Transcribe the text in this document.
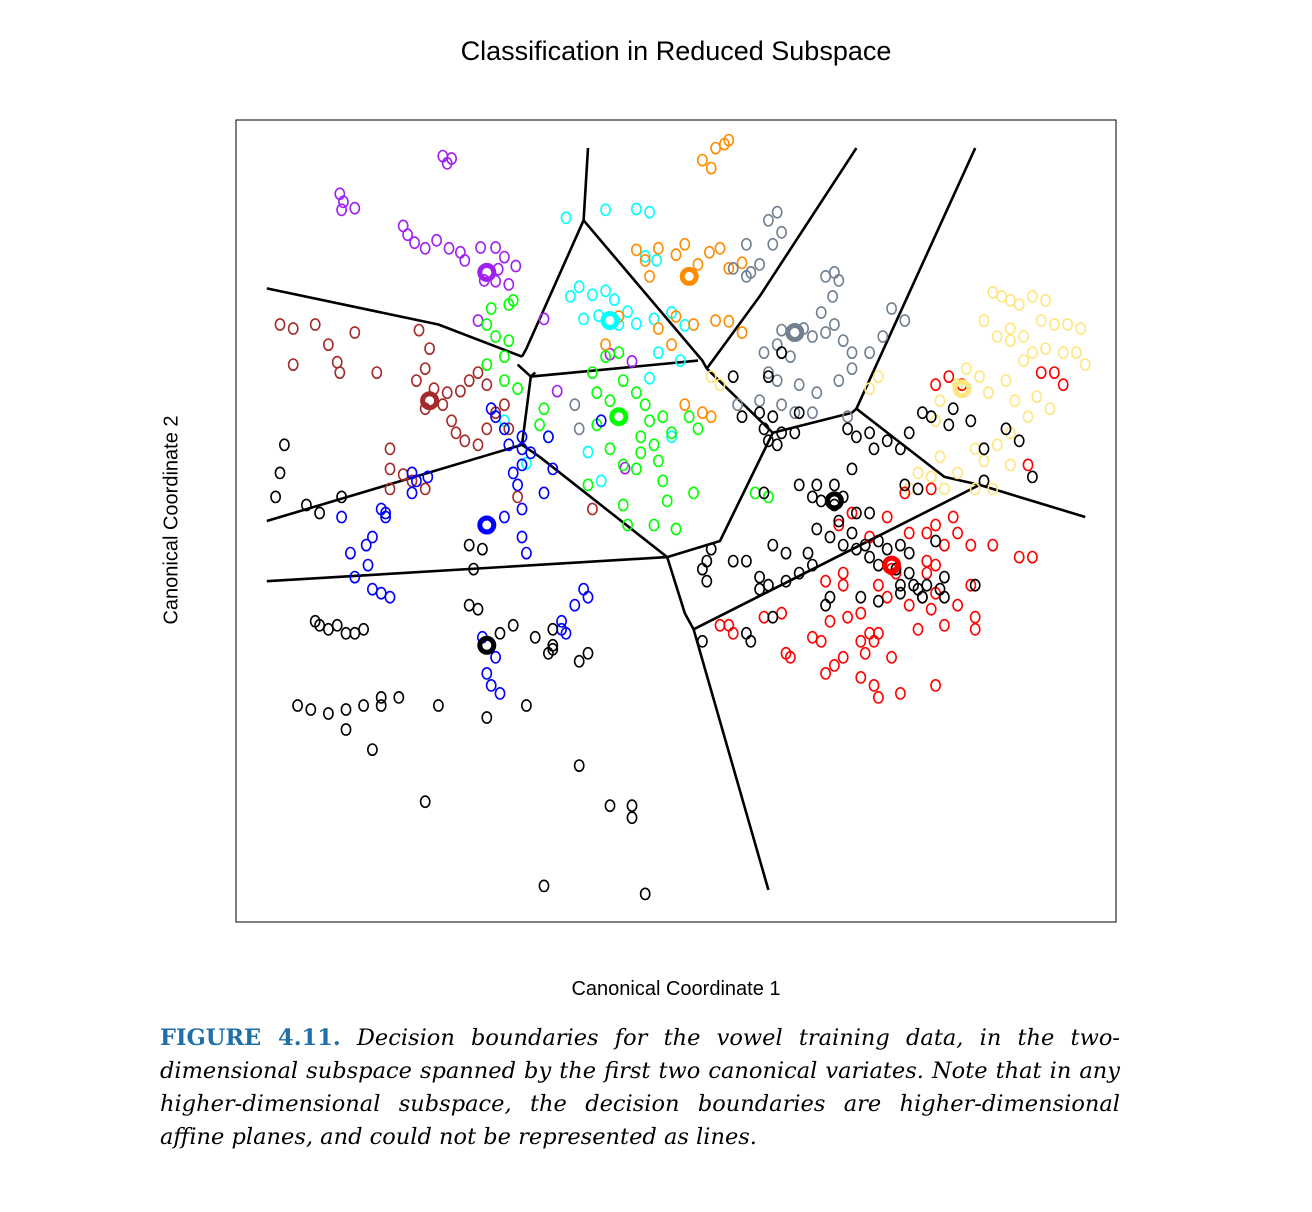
Classification in Reduced Subspace
Canonical Coordinate 2
Canonical Coordinate 1
FIGURE 4.11. Decision boundaries for the vowel training data, in the two-dimensional subspace spanned by the first two canonical variates. Note that in any higher-dimensional subspace, the decision boundaries are higher-dimensional affine planes, and could not be represented as lines.
